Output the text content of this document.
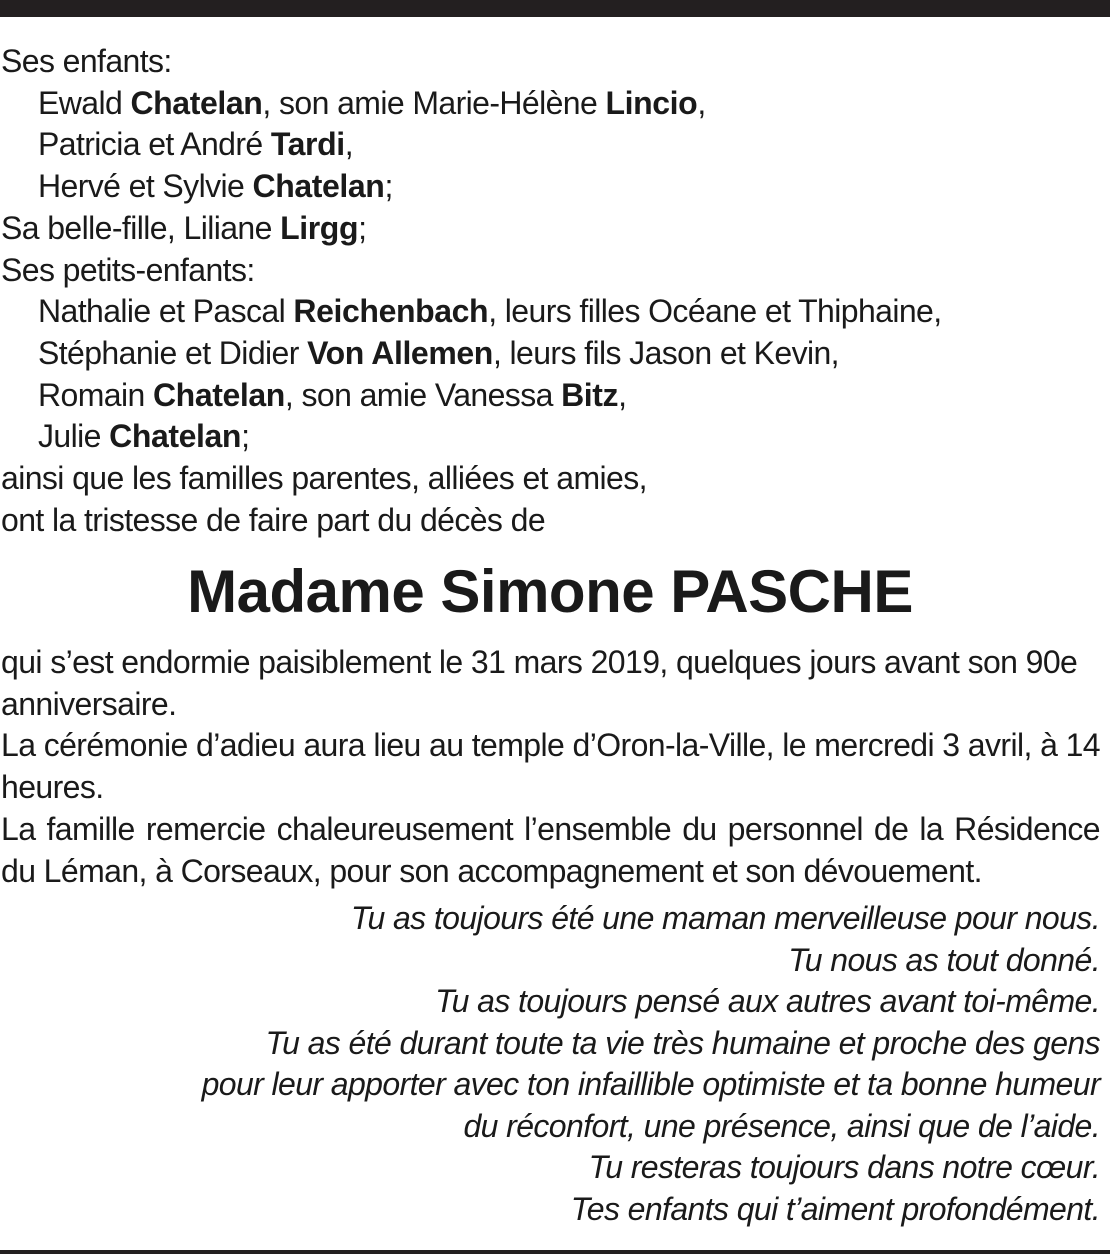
Ses enfants:
Ewald Chatelan, son amie Marie-Hélène Lincio,
Patricia et André Tardi,
Hervé et Sylvie Chatelan;
Sa belle-fille, Liliane Lirgg;
Ses petits-enfants:
Nathalie et Pascal Reichenbach, leurs filles Océane et Thiphaine,
Stéphanie et Didier Von Allemen, leurs fils Jason et Kevin,
Romain Chatelan, son amie Vanessa Bitz,
Julie Chatelan;
ainsi que les familles parentes, alliées et amies,
ont la tristesse de faire part du décès de
Madame Simone PASCHE

qui s’est endormie paisiblement le 31 mars 2019, quelques jours avant son 90e anniversaire.

La cérémonie d’adieu aura lieu au temple d’Oron-la-Ville, le mercredi 3 avril, à 14 heures.

La famille remercie chaleureusement l’ensemble du personnel de la Résidence du Léman, à Corseaux, pour son accompagnement et son dévouement.

Tu as toujours été une maman merveilleuse pour nous.
Tu nous as tout donné.
Tu as toujours pensé aux autres avant toi-même.
Tu as été durant toute ta vie très humaine et proche des gens
pour leur apporter avec ton infaillible optimiste et ta bonne humeur
du réconfort, une présence, ainsi que de l’aide.
Tu resteras toujours dans notre cœur.
Tes enfants qui t’aiment profondément.
